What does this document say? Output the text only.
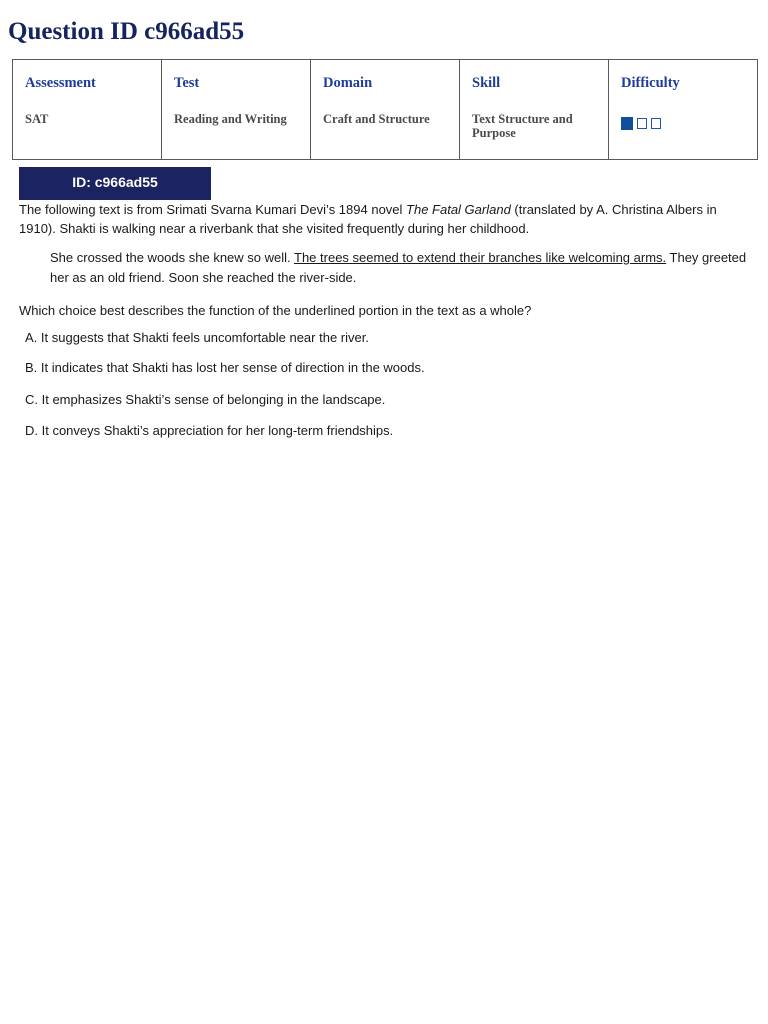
Question ID c966ad55
Assessment
SAT

Test
Reading and Writing

Domain
Craft and Structure

Skill
Text Structure and Purpose

Difficulty
ID: c966ad55

The following text is from Srimati Svarna Kumari Devi’s 1894 novel The Fatal Garland (translated by A. Christina Albers in 1910). Shakti is walking near a riverbank that she visited frequently during her childhood.

She crossed the woods she knew so well. The trees seemed to extend their branches like welcoming arms. They greeted her as an old friend. Soon she reached the river-side.

Which choice best describes the function of the underlined portion in the text as a whole?

A. It suggests that Shakti feels uncomfortable near the river.
B. It indicates that Shakti has lost her sense of direction in the woods.
C. It emphasizes Shakti’s sense of belonging in the landscape.
D. It conveys Shakti’s appreciation for her long-term friendships.
